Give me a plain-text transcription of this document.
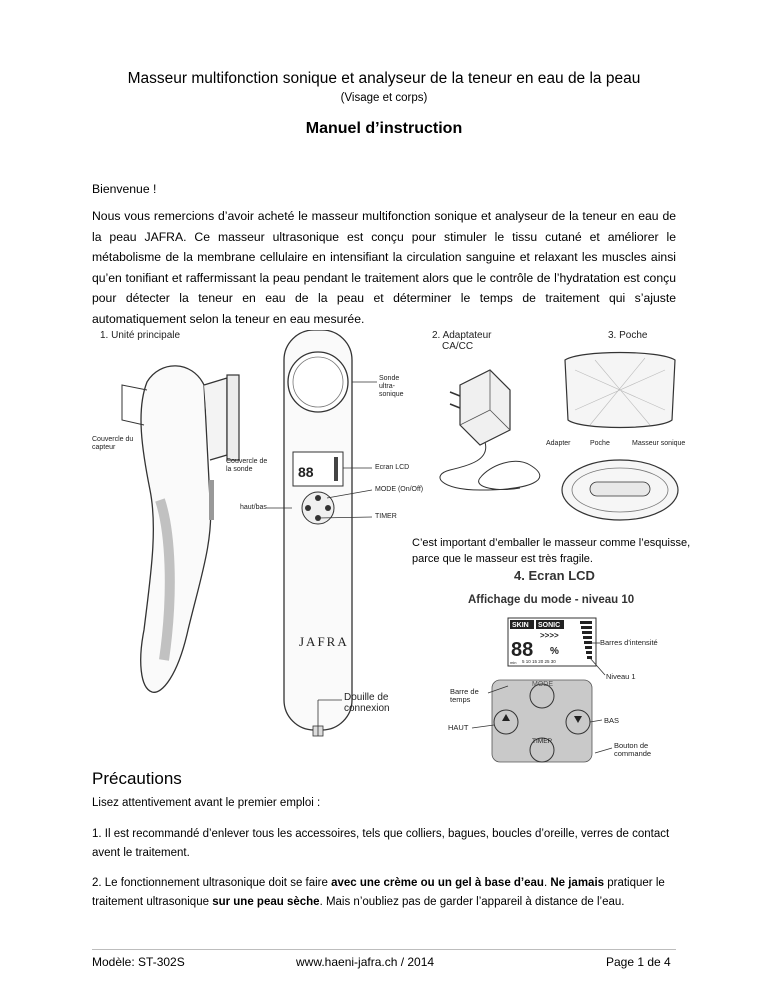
Masseur multifonction sonique et analyseur de la teneur en eau de la peau
(Visage et corps)
Manuel d’instruction
Bienvenue !
Nous vous remercions d’avoir acheté le masseur multifonction sonique et analyseur de la teneur en eau de la peau JAFRA. Ce masseur ultrasonique est conçu pour stimuler le tissu cutané et améliorer le métabolisme de la membrane cellulaire en intensifiant la circulation sanguine et relaxant les muscles ainsi qu’en tonifiant et raffermissant la peau pendant le traitement alors que le contrôle de l’hydratation est conçu pour détecter la teneur en eau de la peau et déterminer le temps de traitement qui s’ajuste automatiquement selon la teneur en eau mesurée.
88
1. Unité principale
Couvercle du capteur
Couvercle de la sonde
haut/bas
Sonde ultra-sonique
Ecran LCD
MODE (On/Off)
TIMER
JAFRA
Douille de connexion
2. Adaptateur
CA/CC
3. Poche
Adapter	Poche	Masseur sonique
C’est important d’emballer le masseur comme l’esquisse, parce que le masseur est très fragile.
4. Ecran LCD
Affichage du mode - niveau 10
SKIN SONIC
>>>>
88 %
min 5 10 15 20 25 30
MODE
TIMER
Barres d'intensité
Niveau 1
Barre de temps
HAUT
BAS
Bouton de commande
Précautions
Lisez attentivement avant le premier emploi :
1. Il est recommandé d’enlever tous les accessoires, tels que colliers, bagues, boucles d’oreille, verres de contact avent le traitement.
2. Le fonctionnement ultrasonique doit se faire avec une crème ou un gel à base d’eau. Ne jamais pratiquer le traitement ultrasonique sur une peau sèche. Mais n’oubliez pas de garder l’appareil à distance de l’eau.
Modèle: ST-302S	www.haeni-jafra.ch / 2014	Page 1 de 4
